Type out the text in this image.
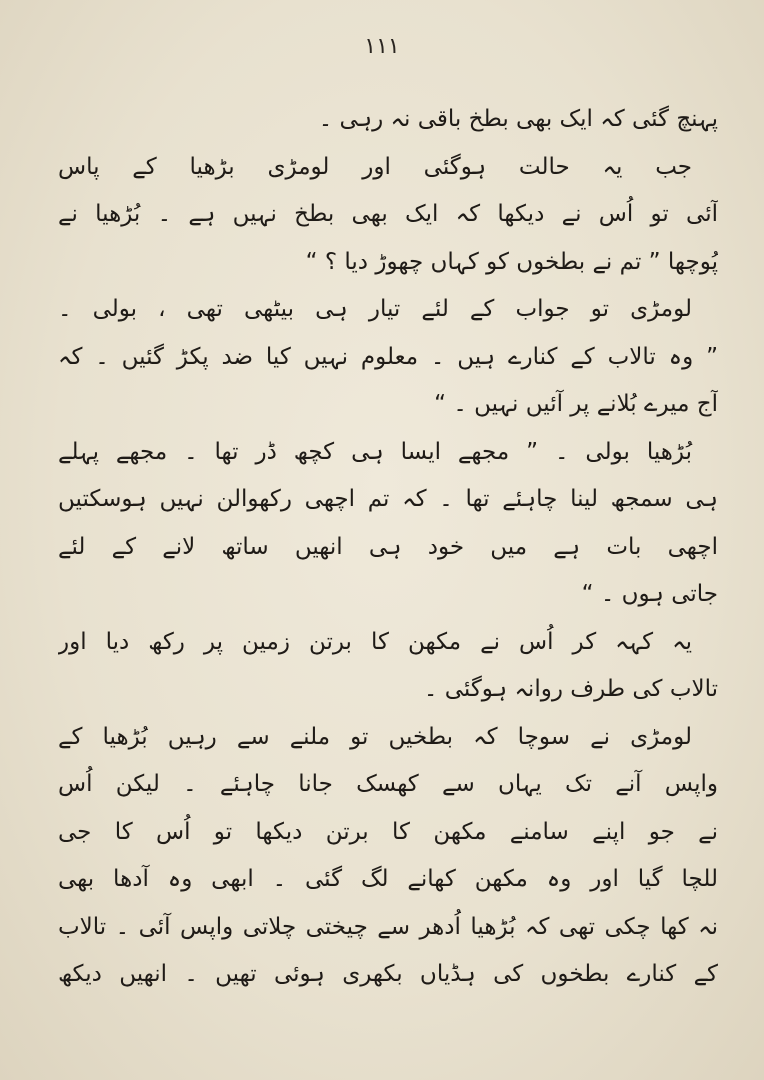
١١١
پہنچ گئی کہ ایک بھی بطخ باقی نہ رہی ۔
جب یہ حالت ہوگئی اور لومڑی بڑھیا کے پاس
آئی تو اُس نے دیکھا کہ ایک بھی بطخ نہیں ہے ۔ بُڑھیا نے
پُوچھا ” تم نے بطخوں کو کہاں چھوڑ دیا ؟ “
لومڑی تو جواب کے لئے تیار ہی بیٹھی تھی ، بولی ۔
” وہ تالاب کے کنارے ہیں ۔ معلوم نہیں کیا ضد پکڑ گئیں ۔ کہ
آج میرے بُلانے پر آئیں نہیں ۔ “
بُڑھیا بولی ۔ ” مجھے ایسا ہی کچھ ڈر تھا ۔ مجھے پہلے
ہی سمجھ لینا چاہئے تھا ۔ کہ تم اچھی رکھوالن نہیں ہوسکتیں
اچھی بات ہے میں خود ہی انھیں ساتھ لانے کے لئے
جاتی ہوں ۔ “
یہ کہہ کر اُس نے مکھن کا برتن زمین پر رکھ دیا اور
تالاب کی طرف روانہ ہوگئی ۔
لومڑی نے سوچا کہ بطخیں تو ملنے سے رہیں بُڑھیا کے
واپس آنے تک یہاں سے کھسک جانا چاہئے ۔ لیکن اُس
نے جو اپنے سامنے مکھن کا برتن دیکھا تو اُس کا جی
للچا گیا اور وہ مکھن کھانے لگ گئی ۔ ابھی وہ آدھا بھی
نہ کھا چکی تھی کہ بُڑھیا اُدھر سے چیختی چلاتی واپس آئی ۔ تالاب
کے کنارے بطخوں کی ہڈیاں بکھری ہوئی تھیں ۔ انھیں دیکھ
